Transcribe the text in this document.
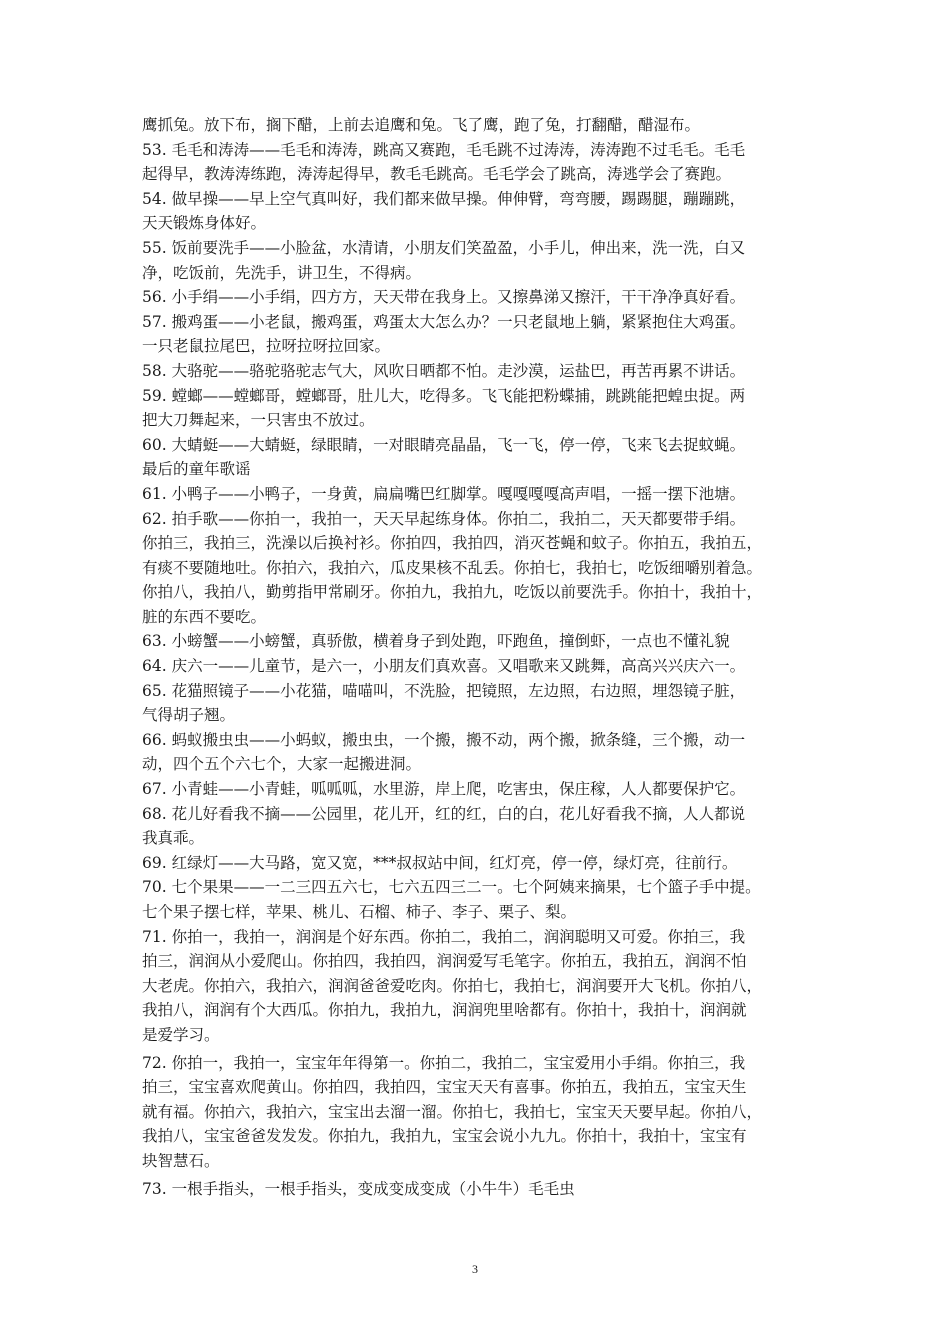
鹰抓兔。放下布，搁下醋，上前去追鹰和兔。飞了鹰，跑了兔，打翻醋，醋湿布。
53. 毛毛和涛涛——毛毛和涛涛，跳高又赛跑，毛毛跳不过涛涛，涛涛跑不过毛毛。毛毛
起得早，教涛涛练跑，涛涛起得早，教毛毛跳高。毛毛学会了跳高，涛逃学会了赛跑。
54. 做早操——早上空气真叫好，我们都来做早操。伸伸臂，弯弯腰，踢踢腿，蹦蹦跳，
天天锻炼身体好。
55. 饭前要洗手——小脸盆，水清请，小朋友们笑盈盈，小手儿，伸出来，洗一洗，白又
净，吃饭前，先洗手，讲卫生，不得病。
56. 小手绢——小手绢，四方方，天天带在我身上。又擦鼻涕又擦汗，干干净净真好看。
57. 搬鸡蛋——小老鼠，搬鸡蛋，鸡蛋太大怎么办？一只老鼠地上躺，紧紧抱住大鸡蛋。
一只老鼠拉尾巴，拉呀拉呀拉回家。
58. 大骆驼——骆驼骆驼志气大，风吹日晒都不怕。走沙漠，运盐巴，再苦再累不讲话。
59. 螳螂——螳螂哥，螳螂哥，肚儿大，吃得多。飞飞能把粉蝶捕，跳跳能把蝗虫捉。两
把大刀舞起来，一只害虫不放过。
60. 大蜻蜓——大蜻蜓，绿眼睛，一对眼睛亮晶晶，飞一飞，停一停，飞来飞去捉蚊蝇。
最后的童年歌谣
61. 小鸭子——小鸭子，一身黄，扁扁嘴巴红脚掌。嘎嘎嘎嘎高声唱，一摇一摆下池塘。
62. 拍手歌——你拍一，我拍一，天天早起练身体。你拍二，我拍二，天天都要带手绢。
你拍三，我拍三，洗澡以后换衬衫。你拍四，我拍四，消灭苍蝇和蚊子。你拍五，我拍五，
有痰不要随地吐。你拍六，我拍六，瓜皮果核不乱丢。你拍七，我拍七，吃饭细嚼别着急。
你拍八，我拍八，勤剪指甲常刷牙。你拍九，我拍九，吃饭以前要洗手。你拍十，我拍十，
脏的东西不要吃。
63. 小螃蟹——小螃蟹，真骄傲，横着身子到处跑，吓跑鱼，撞倒虾，一点也不懂礼貌
64. 庆六一——儿童节，是六一，小朋友们真欢喜。又唱歌来又跳舞，高高兴兴庆六一。
65. 花猫照镜子——小花猫，喵喵叫，不洗脸，把镜照，左边照，右边照，埋怨镜子脏，
气得胡子翘。
66. 蚂蚁搬虫虫——小蚂蚁，搬虫虫，一个搬，搬不动，两个搬，掀条缝，三个搬，动一
动，四个五个六七个，大家一起搬进洞。
67. 小青蛙——小青蛙，呱呱呱，水里游，岸上爬，吃害虫，保庄稼，人人都要保护它。
68. 花儿好看我不摘——公园里，花儿开，红的红，白的白，花儿好看我不摘，人人都说
我真乖。
69. 红绿灯——大马路，宽又宽，***叔叔站中间，红灯亮，停一停，绿灯亮，往前行。
70. 七个果果——一二三四五六七，七六五四三二一。七个阿姨来摘果，七个篮子手中提。
七个果子摆七样，苹果、桃儿、石榴、柿子、李子、栗子、梨。
71. 你拍一，我拍一，润润是个好东西。你拍二，我拍二，润润聪明又可爱。你拍三，我
拍三，润润从小爱爬山。你拍四，我拍四，润润爱写毛笔字。你拍五，我拍五，润润不怕
大老虎。你拍六，我拍六，润润爸爸爱吃肉。你拍七，我拍七，润润要开大飞机。你拍八，
我拍八，润润有个大西瓜。你拍九，我拍九，润润兜里啥都有。你拍十，我拍十，润润就
是爱学习。
72. 你拍一，我拍一，宝宝年年得第一。你拍二，我拍二，宝宝爱用小手绢。你拍三，我
拍三，宝宝喜欢爬黄山。你拍四，我拍四，宝宝天天有喜事。你拍五，我拍五，宝宝天生
就有福。你拍六，我拍六，宝宝出去溜一溜。你拍七，我拍七，宝宝天天要早起。你拍八，
我拍八，宝宝爸爸发发发。你拍九，我拍九，宝宝会说小九九。你拍十，我拍十，宝宝有
块智慧石。
73. 一根手指头，一根手指头，变成变成变成（小牛牛）毛毛虫
3
